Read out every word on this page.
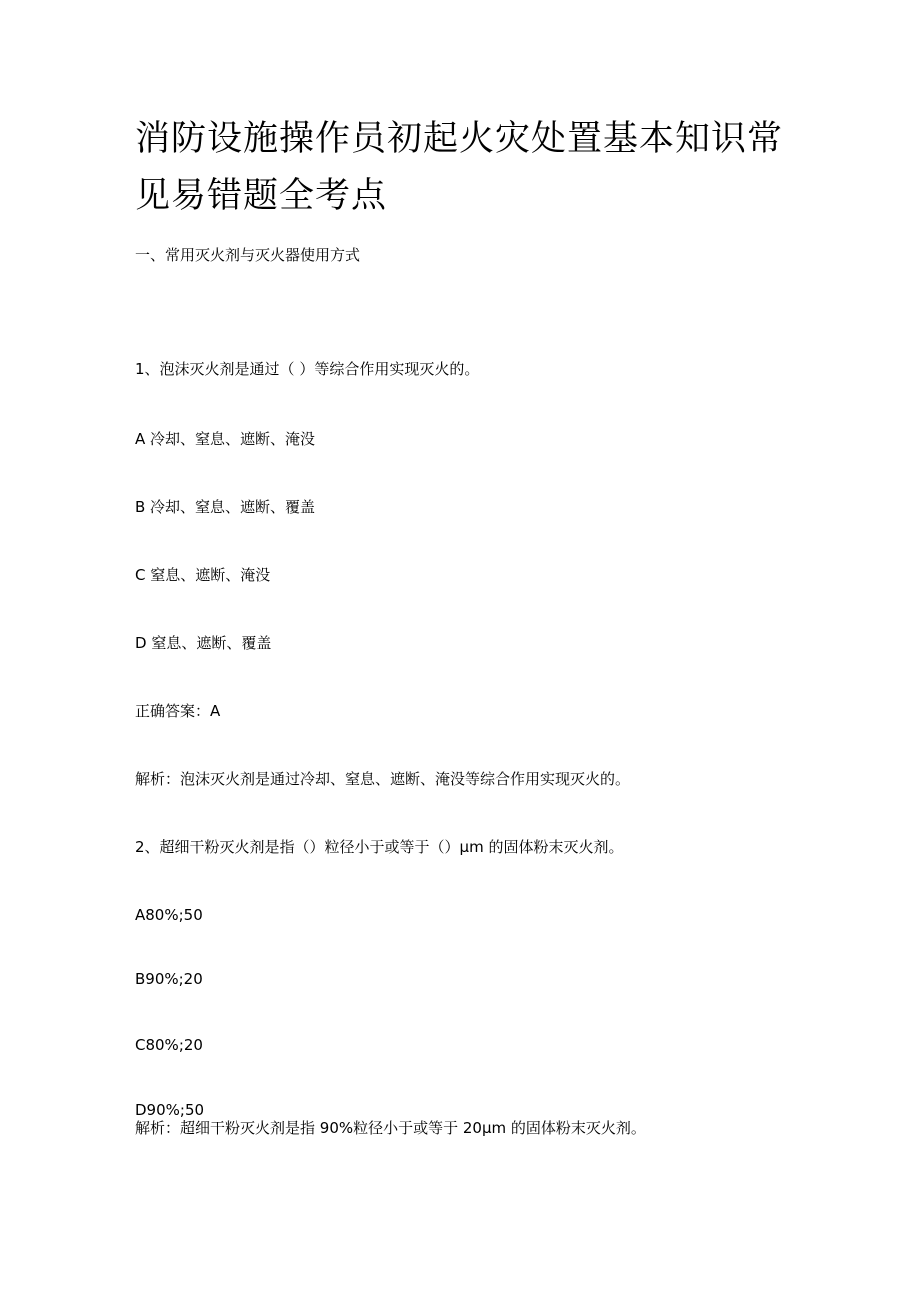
消防设施操作员初起火灾处置基本知识常见易错题全考点

一、常用灭火剂与灭火器使用方式

1、泡沫灭火剂是通过（ ）等综合作用实现灭火的。

A 冷却、窒息、遮断、淹没

B 冷却、窒息、遮断、覆盖

C 窒息、遮断、淹没

D 窒息、遮断、覆盖

正确答案：A

解析：泡沫灭火剂是通过冷却、窒息、遮断、淹没等综合作用实现灭火的。

2、超细干粉灭火剂是指（）粒径小于或等于（）μm 的固体粉末灭火剂。

A80%;50

B90%;20

C80%;20

D90%;50

解析：超细干粉灭火剂是指 90%粒径小于或等于 20μm 的固体粉末灭火剂。
